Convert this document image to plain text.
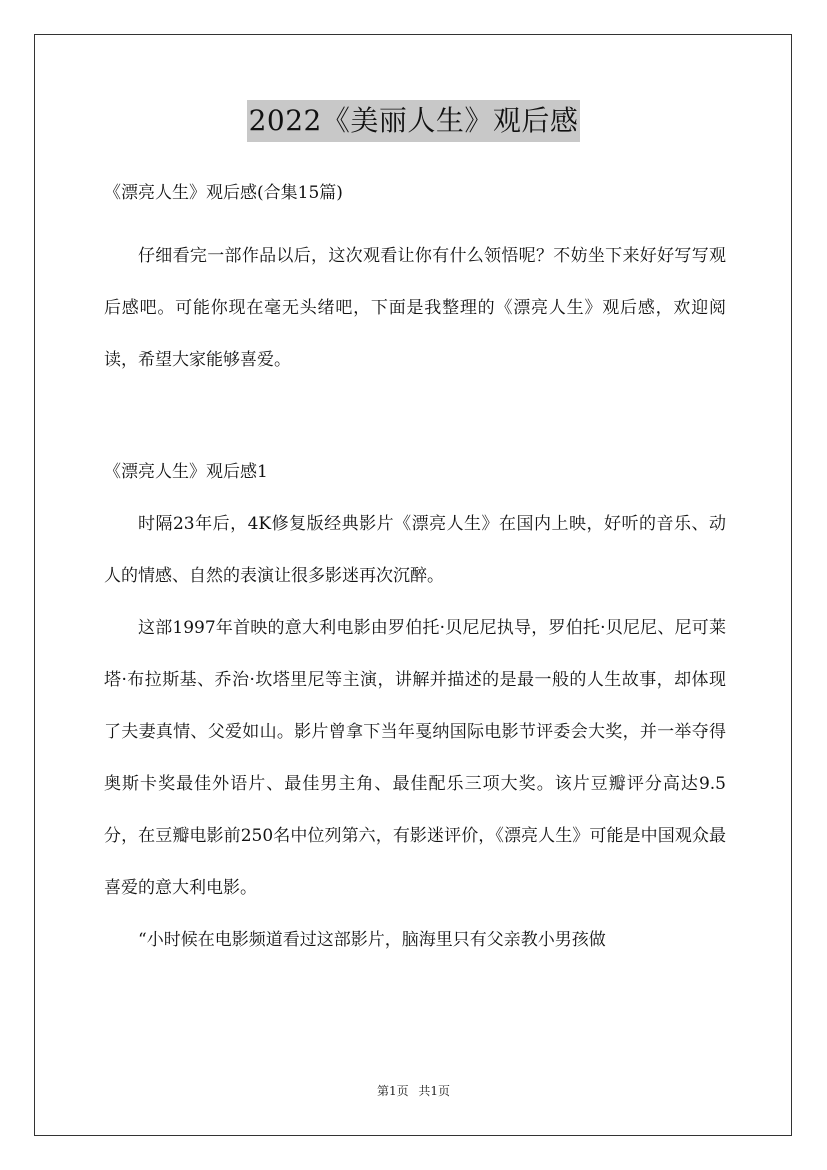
2022《美丽人生》观后感

《漂亮人生》观后感(合集15篇)

仔细看完一部作品以后，这次观看让你有什么领悟呢？不妨坐下来好好写写观后感吧。可能你现在毫无头绪吧，下面是我整理的《漂亮人生》观后感，欢迎阅读，希望大家能够喜爱。

《漂亮人生》观后感1

时隔23年后，4K修复版经典影片《漂亮人生》在国内上映，好听的音乐、动人的情感、自然的表演让很多影迷再次沉醉。

这部1997年首映的意大利电影由罗伯托·贝尼尼执导，罗伯托·贝尼尼、尼可莱塔·布拉斯基、乔治·坎塔里尼等主演，讲解并描述的是最一般的人生故事，却体现了夫妻真情、父爱如山。影片曾拿下当年戛纳国际电影节评委会大奖，并一举夺得奥斯卡奖最佳外语片、最佳男主角、最佳配乐三项大奖。该片豆瓣评分高达9.5分，在豆瓣电影前250名中位列第六，有影迷评价，《漂亮人生》可能是中国观众最喜爱的意大利电影。

“小时候在电影频道看过这部影片，脑海里只有父亲教小男孩做

第1页 共1页
